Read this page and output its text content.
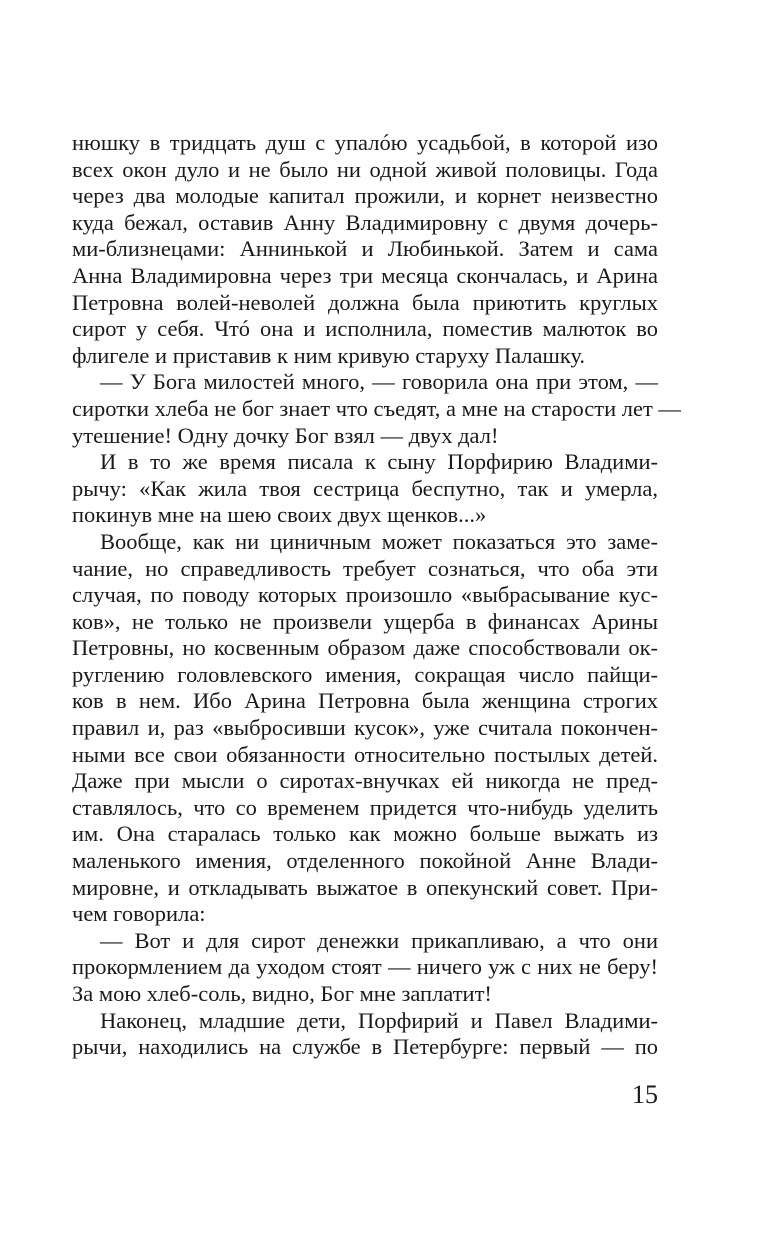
нюшку в тридцать душ с упалóю усадьбой, в которой изо
всех окон дуло и не было ни одной живой половицы. Года
через два молодые капитал прожили, и корнет неизвестно
куда бежал, оставив Анну Владимировну с двумя дочерь-
ми-близнецами: Аннинькой и Любинькой. Затем и сама
Анна Владимировна через три месяца скончалась, и Арина
Петровна волей-неволей должна была приютить круглых
сирот у себя. Чтó она и исполнила, поместив малюток во
флигеле и приставив к ним кривую старуху Палашку.
— У Бога милостей много, — говорила она при этом, —
сиротки хлеба не бог знает что съедят, а мне на старости лет —
утешение! Одну дочку Бог взял — двух дал!
И в то же время писала к сыну Порфирию Владими-
рычу: «Как жила твоя сестрица беспутно, так и умерла,
покинув мне на шею своих двух щенков...»
Вообще, как ни циничным может показаться это заме-
чание, но справедливость требует сознаться, что оба эти
случая, по поводу которых произошло «выбрасывание кус-
ков», не только не произвели ущерба в финансах Арины
Петровны, но косвенным образом даже способствовали ок-
руглению головлевского имения, сокращая число пайщи-
ков в нем. Ибо Арина Петровна была женщина строгих
правил и, раз «выбросивши кусок», уже считала покончен-
ными все свои обязанности относительно постылых детей.
Даже при мысли о сиротах-внучках ей никогда не пред-
ставлялось, что со временем придется что-нибудь уделить
им. Она старалась только как можно больше выжать из
маленького имения, отделенного покойной Анне Влади-
мировне, и откладывать выжатое в опекунский совет. При-
чем говорила:
— Вот и для сирот денежки прикапливаю, а что они
прокормлением да уходом стоят — ничего уж с них не беру!
За мою хлеб-соль, видно, Бог мне заплатит!
Наконец, младшие дети, Порфирий и Павел Владими-
рычи, находились на службе в Петербурге: первый — по
15
